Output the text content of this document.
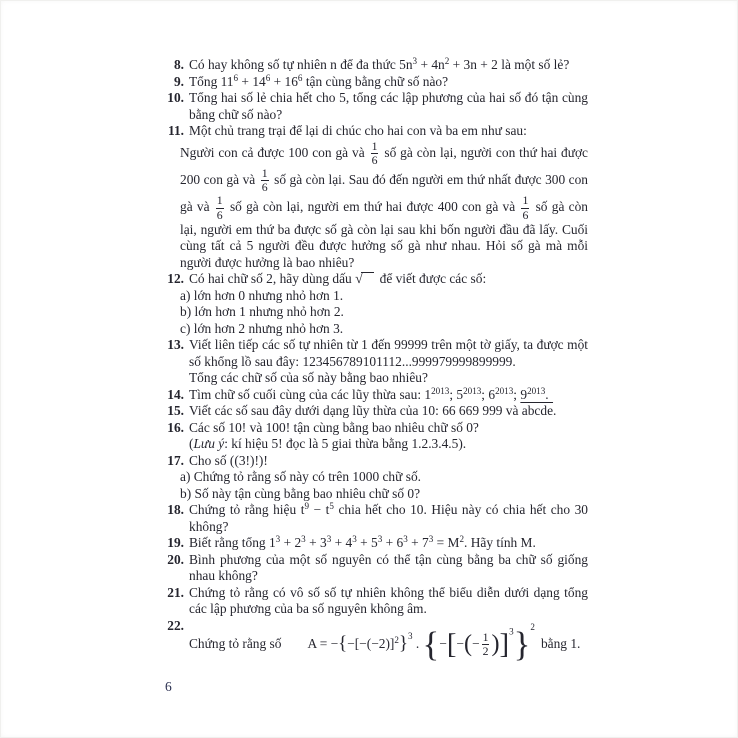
8. Có hay không số tự nhiên n để đa thức $5n^3 + 4n^2 + 3n + 2$ là một số lẻ?
9. Tổng $11^6 + 14^6 + 16^6$ tận cùng bằng chữ số nào?
10. Tổng hai số lẻ chia hết cho 5, tổng các lập phương của hai số đó tận cùng bằng chữ số nào?
11. Một chủ trang trại để lại di chúc cho hai con và ba em như sau:
Người con cả được 100 con gà và $\frac{1}{6}$ số gà còn lại, người con thứ hai được 200 con gà và $\frac{1}{6}$ số gà còn lại. Sau đó đến người em thứ nhất được 300 con gà và $\frac{1}{6}$ số gà còn lại, người em thứ hai được 400 con gà và $\frac{1}{6}$ số gà còn lại, người em thứ ba được số gà còn lại sau khi bốn người đầu đã lấy. Cuối cùng tất cả 5 người đều được hưởng số gà như nhau. Hỏi số gà mà mỗi người được hưởng là bao nhiêu?
12. Có hai chữ số 2, hãy dùng dấu √ để viết được các số:
a) lớn hơn 0 nhưng nhỏ hơn 1.
b) lớn hơn 1 nhưng nhỏ hơn 2.
c) lớn hơn 2 nhưng nhỏ hơn 3.
13. Viết liên tiếp các số tự nhiên từ 1 đến 99999 trên một tờ giấy, ta được một số khổng lồ sau đây: 123456789101112...999979999899999.
Tổng các chữ số của số này bằng bao nhiêu?
14. Tìm chữ số cuối cùng của các lũy thừa sau: $1^{2013}$; $5^{2013}$; $6^{2013}$; $9^{2013}$.
15. Viết các số sau đây dưới dạng lũy thừa của 10: 66 669 999 và abcde.
16. Các số 10! và 100! tận cùng bằng bao nhiêu chữ số 0?
(Lưu ý: kí hiệu 5! đọc là 5 giai thừa bằng 1.2.3.4.5).
17. Cho số ((3!)!)!
a) Chứng tỏ rằng số này có trên 1000 chữ số.
b) Số này tận cùng bằng bao nhiêu chữ số 0?
18. Chứng tỏ rằng hiệu $t^9 - t^5$ chia hết cho 10. Hiệu này có chia hết cho 30 không?
19. Biết rằng tổng $1^3 + 2^3 + 3^3 + 4^3 + 5^3 + 6^3 + 7^3 = M^2$. Hãy tính M.
20. Bình phương của một số nguyên có thể tận cùng bằng ba chữ số giống nhau không?
21. Chứng tỏ rằng có vô số số tự nhiên không thể biểu diễn dưới dạng tổng các lập phương của ba số nguyên không âm.
22.
Chứng tỏ rằng số $A = -\{-[-(-2)]^2\}^3$ . {−[−(− $\frac{1}{2}$ )]$^3$}$^2$bằng 1.
6
